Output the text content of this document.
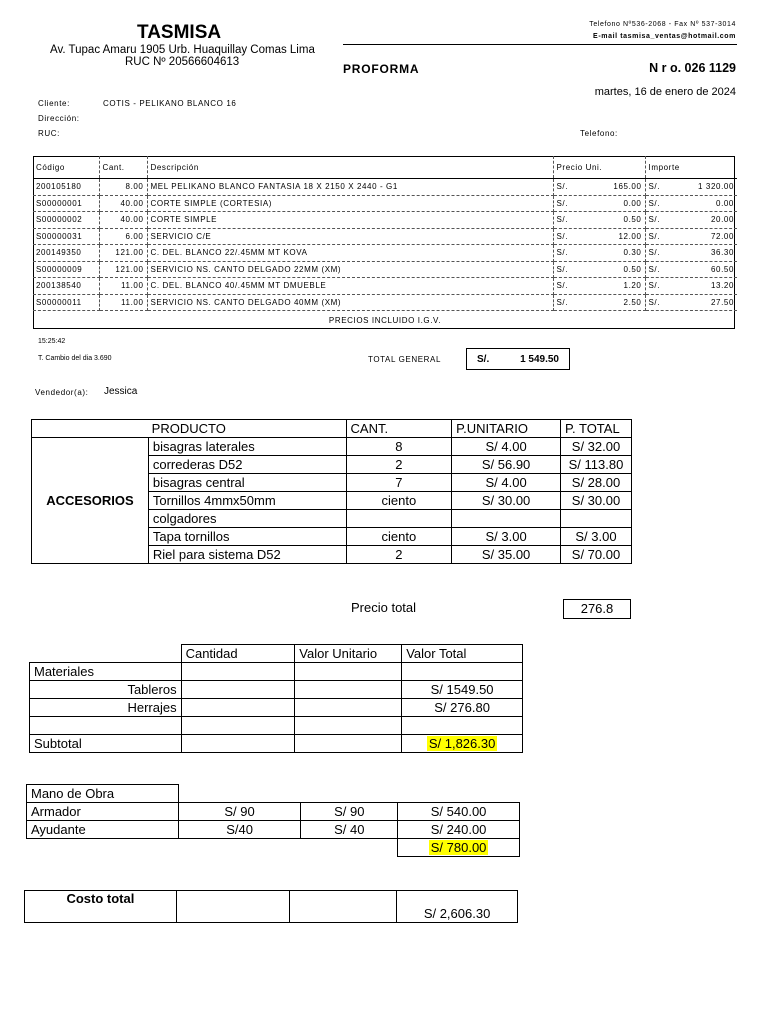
TASMISA
Av. Tupac Amaru 1905 Urb. Huaquillay Comas Lima
RUC Nº 20566604613
Telefono Nº536-2068 - Fax Nº 537-3014
E-mail tasmisa_ventas@hotmail.com
PROFORMA	N r o. 026 1129
martes, 16 de enero de 2024
Cliente:	COTIS - PELIKANO BLANCO 16
Dirección:
RUC:	Telefono:
Código	Cant.	Descripción	Precio Uni.	Importe
200105180	8.00	MEL PELIKANO BLANCO FANTASIA 18 X 2150 X 2440 - G1	S/. 165.00	S/. 1 320.00

S00000001	40.00	CORTE SIMPLE (CORTESIA)	S/. 0.00	S/. 0.00

S00000002	40.00	CORTE SIMPLE	S/. 0.50	S/. 20.00

S00000031	6.00	SERVICIO C/E	S/. 12.00	S/. 72.00

200149350	121.00	C. DEL. BLANCO 22/.45MM MT KOVA	S/. 0.30	S/. 36.30

S00000009	121.00	SERVICIO NS. CANTO DELGADO 22MM (XM)	S/. 0.50	S/. 60.50

200138540	11.00	C. DEL. BLANCO 40/.45MM MT DMUEBLE	S/. 1.20	S/. 13.20

S00000011	11.00	SERVICIO NS. CANTO DELGADO 40MM (XM)	S/. 2.50	S/. 27.50

PRECIOS INCLUIDO I.G.V.				
15:25:42
T. Cambio del dia 3.690	TOTAL GENERAL	S/.	1 549.50
Vendedor(a): Jessica
PRODUCTO		CANT.	P.UNITARIO	P. TOTAL
ACCESORIOS	bisagras laterales	8	S/ 4.00	S/ 32.00
	correderas D52	2	S/ 56.90	S/ 113.80
	bisagras central	7	S/ 4.00	S/ 28.00
	Tornillos 4mmx50mm	ciento	S/ 30.00	S/ 30.00
	colgadores			
	Tapa tornillos	ciento	S/ 3.00	S/ 3.00
	Riel para sistema D52	2	S/ 35.00	S/ 70.00
Precio total	276.8
	Cantidad	Valor Unitario	Valor Total
Materiales			
Tableros			S/ 1549.50
Herrajes			S/ 276.80

Subtotal			S/ 1,826.30
Mano de Obra			
Armador	S/ 90	S/ 90	S/ 540.00
Ayudante	S/40	S/ 40	S/ 240.00
			S/ 780.00
Costo total			S/ 2,606.30
